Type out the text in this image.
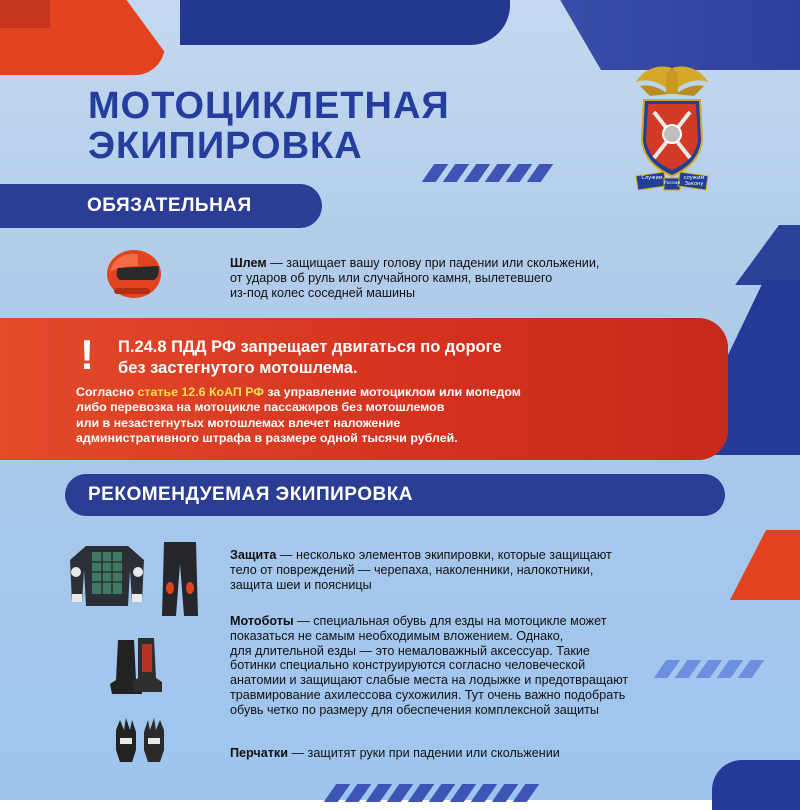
МОТОЦИКЛЕТНАЯ
ЭКИПИРОВКА
Служим
России
служим
Закону
ОБЯЗАТЕЛЬНАЯ
Шлем — защищает вашу голову при падении или скольжении,
от ударов об руль или случайного камня, вылетевшего
из-под колес соседней машины
! П.24.8 ПДД РФ запрещает двигаться по дороге
без застегнутого мотошлема.
Согласно статье 12.6 КоАП РФ за управление мотоциклом или мопедом
либо перевозка на мотоцикле пассажиров без мотошлемов
или в незастегнутых мотошлемах влечет наложение
административного штрафа в размере одной тысячи рублей.
РЕКОМЕНДУЕМАЯ ЭКИПИРОВКА
Защита — несколько элементов экипировки, которые защищают
тело от повреждений — черепаха, наколенники, налокотники,
защита шеи и поясницы
Мотоботы — специальная обувь для езды на мотоцикле может
показаться не самым необходимым вложением. Однако,
для длительной езды — это немаловажный аксессуар. Такие
ботинки специально конструируются согласно человеческой
анатомии и защищают слабые места на лодыжке и предотвращают
травмирование ахилессова сухожилия. Тут очень важно подобрать
обувь четко по размеру для обеспечения комплексной защиты
Перчатки — защитят руки при падении или скольжении
